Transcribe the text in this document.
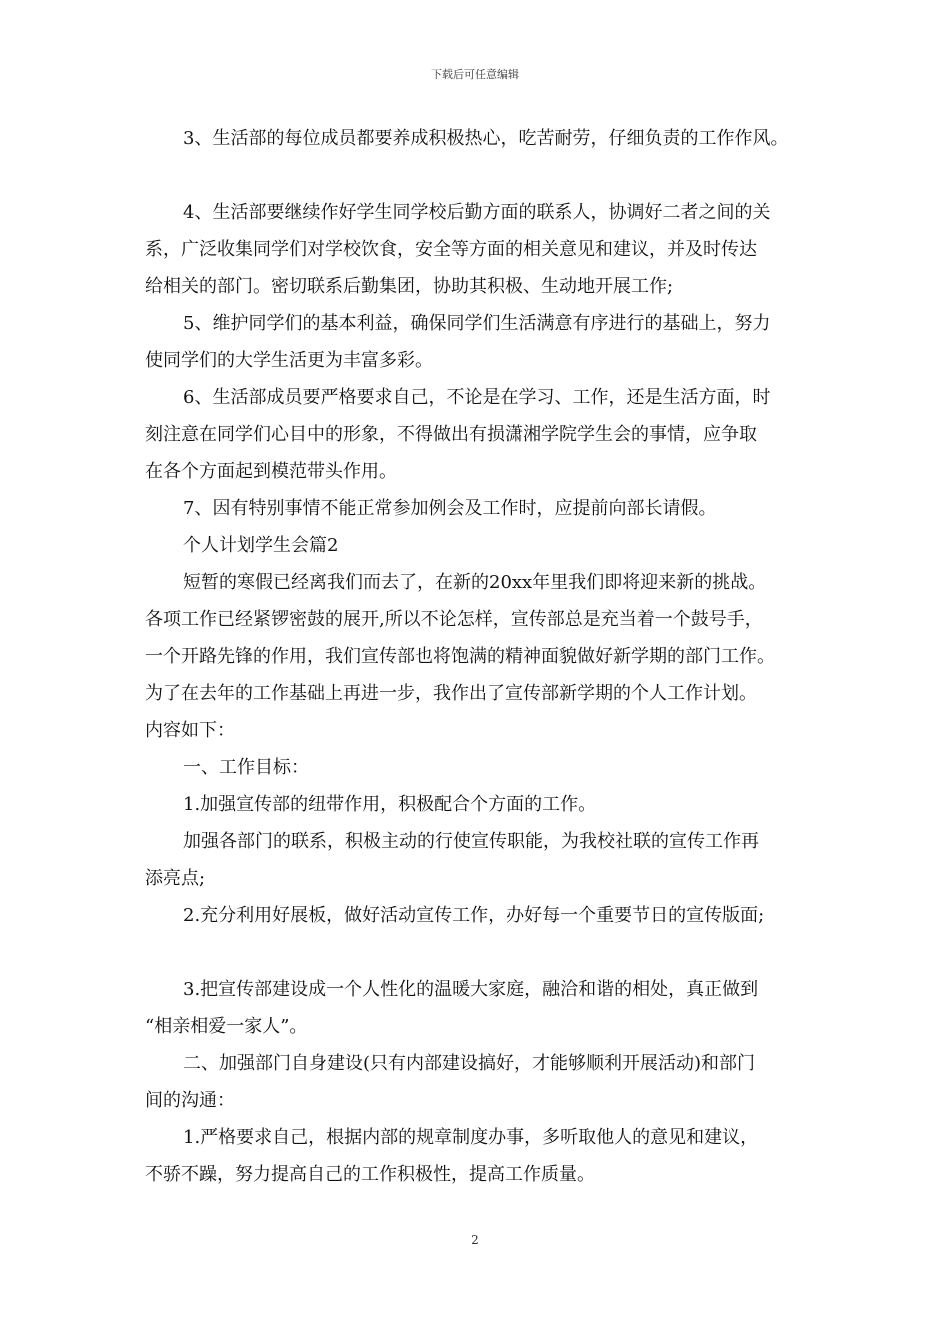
下载后可任意编辑

3、生活部的每位成员都要养成积极热心，吃苦耐劳，仔细负责的工作作风。

4、生活部要继续作好学生同学校后勤方面的联系人，协调好二者之间的关

系，广泛收集同学们对学校饮食，安全等方面的相关意见和建议，并及时传达

给相关的部门。密切联系后勤集团，协助其积极、生动地开展工作;

5、维护同学们的基本利益，确保同学们生活满意有序进行的基础上，努力

使同学们的大学生活更为丰富多彩。

6、生活部成员要严格要求自己，不论是在学习、工作，还是生活方面，时

刻注意在同学们心目中的形象，不得做出有损潇湘学院学生会的事情，应争取

在各个方面起到模范带头作用。

7、因有特别事情不能正常参加例会及工作时，应提前向部长请假。

个人计划学生会篇2

短暂的寒假已经离我们而去了，在新的20xx年里我们即将迎来新的挑战。

各项工作已经紧锣密鼓的展开,所以不论怎样，宣传部总是充当着一个鼓号手，

一个开路先锋的作用，我们宣传部也将饱满的精神面貌做好新学期的部门工作。

为了在去年的工作基础上再进一步，我作出了宣传部新学期的个人工作计划。

内容如下：

一、工作目标：

1.加强宣传部的纽带作用，积极配合个方面的工作。

加强各部门的联系，积极主动的行使宣传职能，为我校社联的宣传工作再

添亮点;

2.充分利用好展板，做好活动宣传工作，办好每一个重要节日的宣传版面;

3.把宣传部建设成一个人性化的温暖大家庭，融洽和谐的相处，真正做到

“相亲相爱一家人”。

二、加强部门自身建设(只有内部建设搞好，才能够顺利开展活动)和部门

间的沟通：

1.严格要求自己，根据内部的规章制度办事，多听取他人的意见和建议，

不骄不躁，努力提高自己的工作积极性，提高工作质量。

2
